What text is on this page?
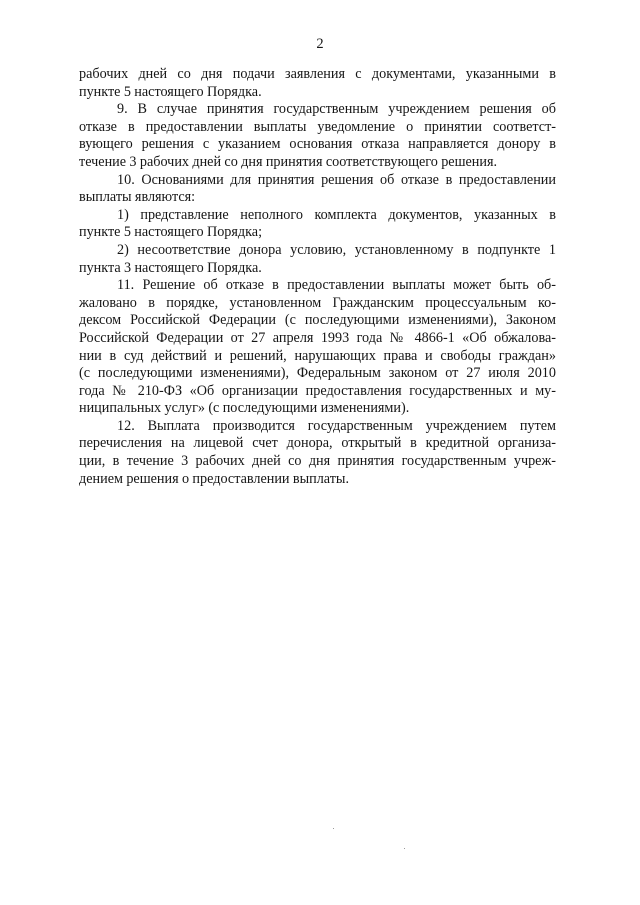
2
рабочих дней со дня подачи заявления с документами, указанными в
пункте 5 настоящего Порядка.
9. В случае принятия государственным учреждением решения об
отказе в предоставлении выплаты уведомление о принятии соответст-
вующего решения с указанием основания отказа направляется донору в
течение 3 рабочих дней со дня принятия соответствующего решения.
10. Основаниями для принятия решения об отказе в предоставлении
выплаты являются:
1) представление неполного комплекта документов, указанных в
пункте 5 настоящего Порядка;
2) несоответствие донора условию, установленному в подпункте 1
пункта 3 настоящего Порядка.
11. Решение об отказе в предоставлении выплаты может быть об-
жаловано в порядке, установленном Гражданским процессуальным ко-
дексом Российской Федерации (с последующими изменениями), Законом
Российской Федерации от 27 апреля 1993 года № 4866-1 «Об обжалова-
нии в суд действий и решений, нарушающих права и свободы граждан»
(с последующими изменениями), Федеральным законом от 27 июля 2010
года № 210-ФЗ «Об организации предоставления государственных и му-
ниципальных услуг» (с последующими изменениями).
12. Выплата производится государственным учреждением путем
перечисления на лицевой счет донора, открытый в кредитной организа-
ции, в течение 3 рабочих дней со дня принятия государственным учреж-
дением решения о предоставлении выплаты.
